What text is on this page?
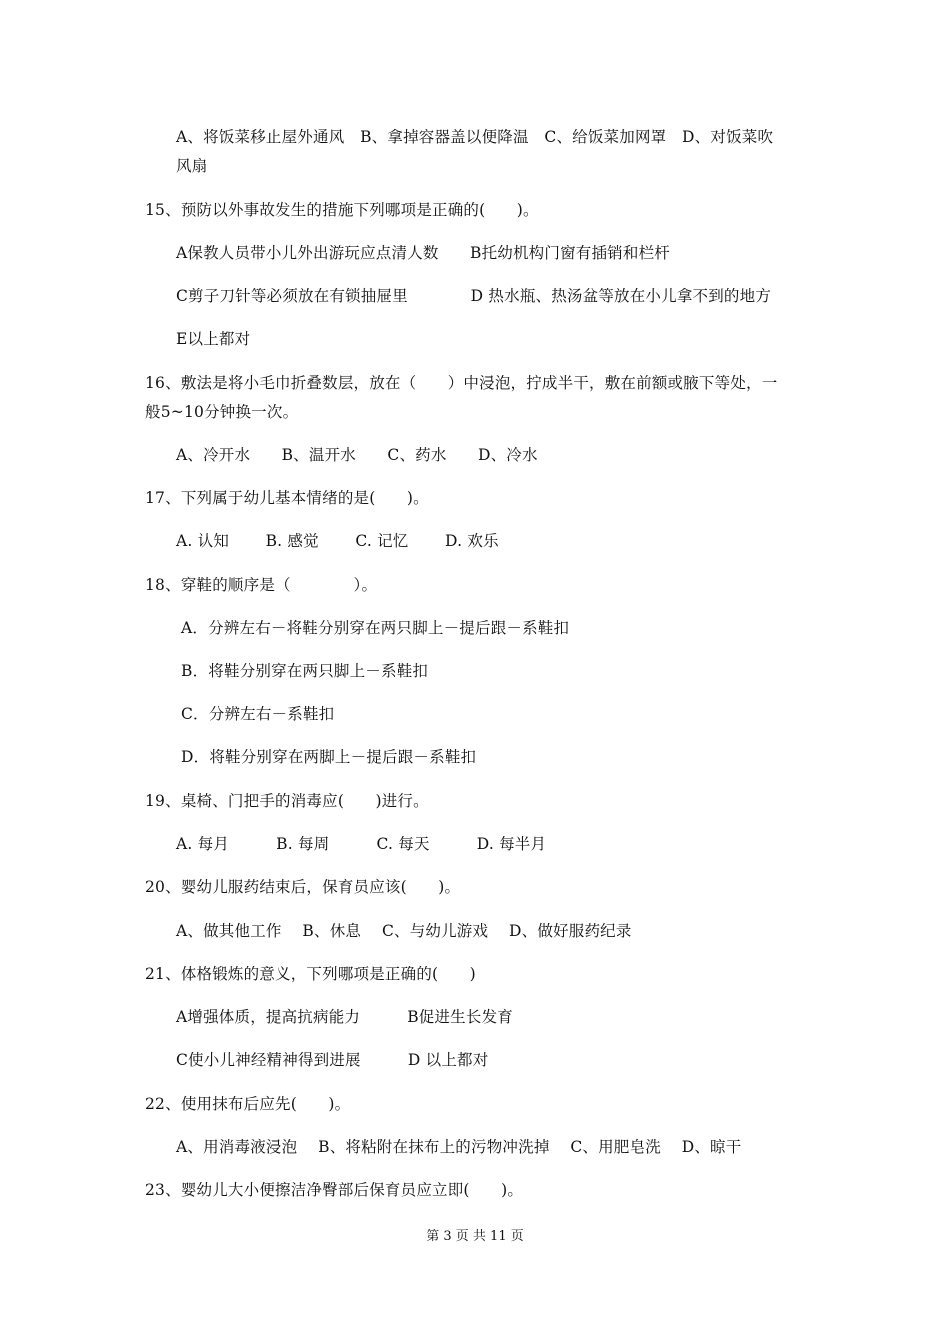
A、将饭菜移止屋外通风　B、拿掉容器盖以便降温　C、给饭菜加网罩　D、对饭菜吹
风扇
15、预防以外事故发生的措施下列哪项是正确的(　　)。
A保教人员带小儿外出游玩应点清人数　　B托幼机构门窗有插销和栏杆
C剪子刀针等必须放在有锁抽屉里　　　　D 热水瓶、热汤盆等放在小儿拿不到的地方
E以上都对
16、敷法是将小毛巾折叠数层，放在（　　）中浸泡，拧成半干，敷在前额或腋下等处，一
般5~10分钟换一次。
A、冷开水　　B、温开水　　C、药水　　D、冷水
17、下列属于幼儿基本情绪的是(　　)。
A. 认知　　 B. 感觉　　 C. 记忆　　 D. 欢乐
18、穿鞋的顺序是（　　　　）。
A．分辨左右－将鞋分别穿在两只脚上－提后跟－系鞋扣
B．将鞋分别穿在两只脚上－系鞋扣
C．分辨左右－系鞋扣
D．将鞋分别穿在两脚上－提后跟－系鞋扣
19、桌椅、门把手的消毒应(　　)进行。
A. 每月　　　B. 每周　　　C. 每天　　　D. 每半月
20、婴幼儿服药结束后，保育员应该(　　)。
A、做其他工作　 B、休息　 C、与幼儿游戏　 D、做好服药纪录
21、体格锻炼的意义，下列哪项是正确的(　　)
A增强体质，提高抗病能力　　　B促进生长发育
C使小儿神经精神得到进展　　　D 以上都对
22、使用抹布后应先(　　)。
A、用消毒液浸泡　 B、将粘附在抹布上的污物冲洗掉　 C、用肥皂洗　 D、晾干
23、婴幼儿大小便擦洁净臀部后保育员应立即(　　)。
第 3 页 共 11 页
